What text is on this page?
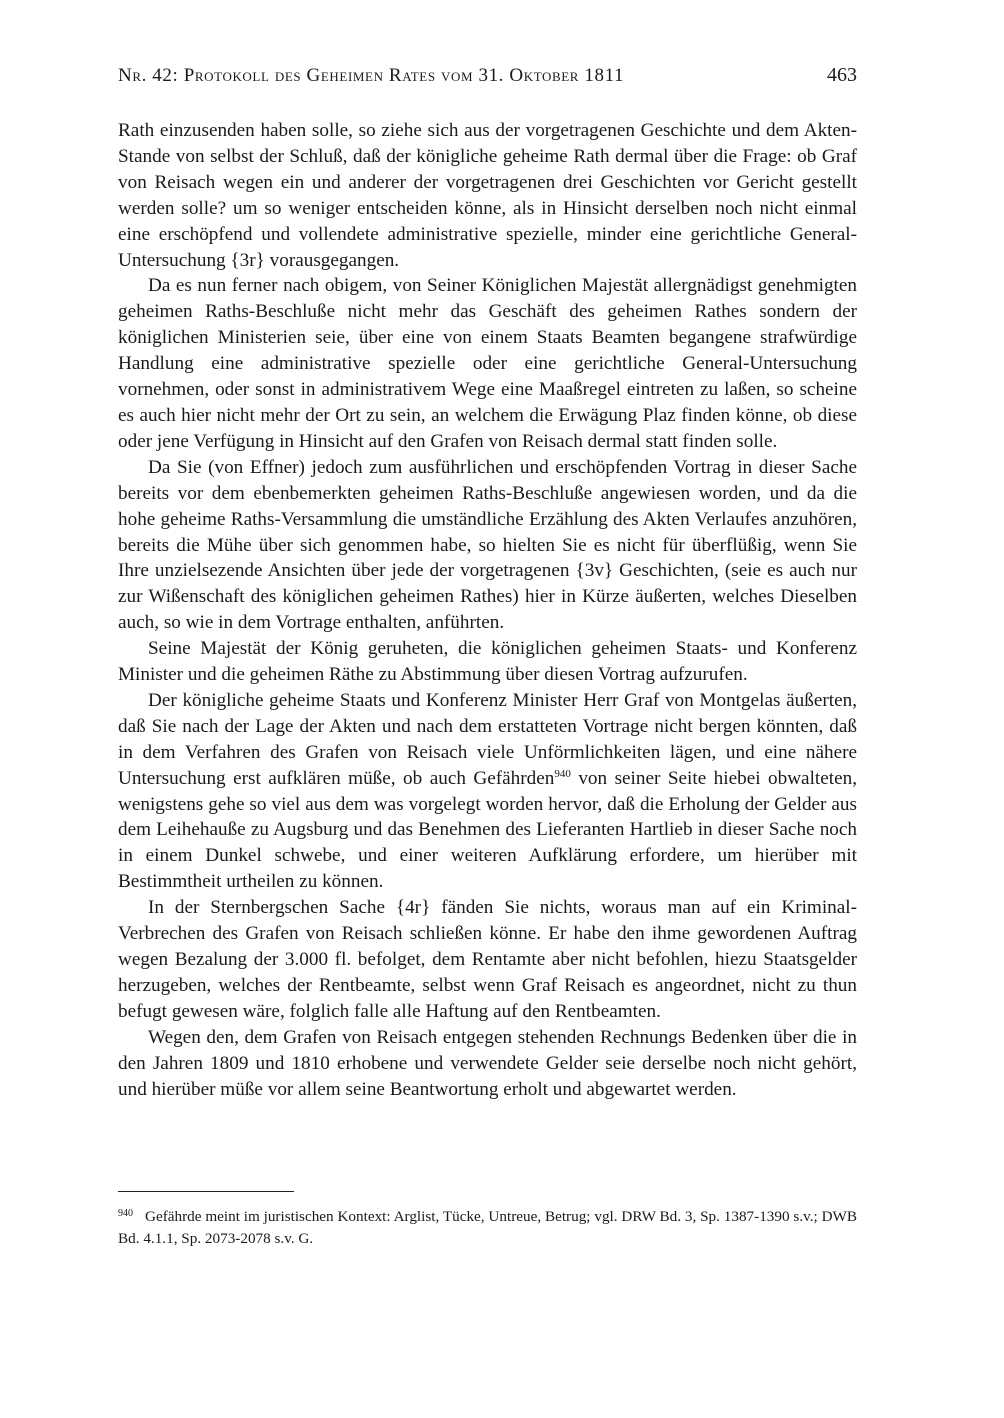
Nr. 42: Protokoll des Geheimen Rates vom 31. Oktober 1811	463

Rath einzusenden haben solle, so ziehe sich aus der vorgetragenen Geschichte und dem Akten-Stande von selbst der Schluß, daß der königliche geheime Rath dermal über die Frage: ob Graf von Reisach wegen ein und anderer der vorgetragenen drei Geschichten vor Gericht gestellt werden solle? um so weniger entscheiden könne, als in Hinsicht derselben noch nicht einmal eine erschöpfend und vollendete administrative spezielle, minder eine gerichtliche General-Untersuchung {3r} vorausgegangen.

Da es nun ferner nach obigem, von Seiner Königlichen Majestät allergnädigst genehmigten geheimen Raths-Beschluße nicht mehr das Geschäft des geheimen Rathes sondern der königlichen Ministerien seie, über eine von einem Staats Beamten begangene strafwürdige Handlung eine administrative spezielle oder eine gerichtliche General-Untersuchung vornehmen, oder sonst in administrativem Wege eine Maaßregel eintreten zu laßen, so scheine es auch hier nicht mehr der Ort zu sein, an welchem die Erwägung Plaz finden könne, ob diese oder jene Verfügung in Hinsicht auf den Grafen von Reisach dermal statt finden solle.

Da Sie (von Effner) jedoch zum ausführlichen und erschöpfenden Vortrag in dieser Sache bereits vor dem ebenbemerkten geheimen Raths-Beschluße angewiesen worden, und da die hohe geheime Raths-Versammlung die umständliche Erzählung des Akten Verlaufes anzuhören, bereits die Mühe über sich genommen habe, so hielten Sie es nicht für überflüßig, wenn Sie Ihre unzielsezende Ansichten über jede der vorgetragenen {3v} Geschichten, (seie es auch nur zur Wißenschaft des königlichen geheimen Rathes) hier in Kürze äußerten, welches Dieselben auch, so wie in dem Vortrage enthalten, anführten.

Seine Majestät der König geruheten, die königlichen geheimen Staats- und Konferenz Minister und die geheimen Räthe zu Abstimmung über diesen Vortrag aufzurufen.

Der königliche geheime Staats und Konferenz Minister Herr Graf von Montgelas äußerten, daß Sie nach der Lage der Akten und nach dem erstatteten Vortrage nicht bergen könnten, daß in dem Verfahren des Grafen von Reisach viele Unförmlichkeiten lägen, und eine nähere Untersuchung erst aufklären müße, ob auch Gefährden$^{940}$ von seiner Seite hiebei obwalteten, wenigstens gehe so viel aus dem was vorgelegt worden hervor, daß die Erholung der Gelder aus dem Leihehauße zu Augsburg und das Benehmen des Lieferanten Hartlieb in dieser Sache noch in einem Dunkel schwebe, und einer weiteren Aufklärung erfordere, um hierüber mit Bestimmtheit urtheilen zu können.

In der Sternbergschen Sache {4r} fänden Sie nichts, woraus man auf ein Kriminal-Verbrechen des Grafen von Reisach schließen könne. Er habe den ihme gewordenen Auftrag wegen Bezalung der 3.000 fl. befolget, dem Rentamte aber nicht befohlen, hiezu Staatsgelder herzugeben, welches der Rentbeamte, selbst wenn Graf Reisach es angeordnet, nicht zu thun befugt gewesen wäre, folglich falle alle Haftung auf den Rentbeamten.

Wegen den, dem Grafen von Reisach entgegen stehenden Rechnungs Bedenken über die in den Jahren 1809 und 1810 erhobene und verwendete Gelder seie derselbe noch nicht gehört, und hierüber müße vor allem seine Beantwortung erholt und abgewartet werden.

$^{940}$ Gefährde meint im juristischen Kontext: Arglist, Tücke, Untreue, Betrug; vgl. DRW Bd. 3, Sp. 1387-1390 s.v.; DWB Bd. 4.1.1, Sp. 2073-2078 s.v. G.
